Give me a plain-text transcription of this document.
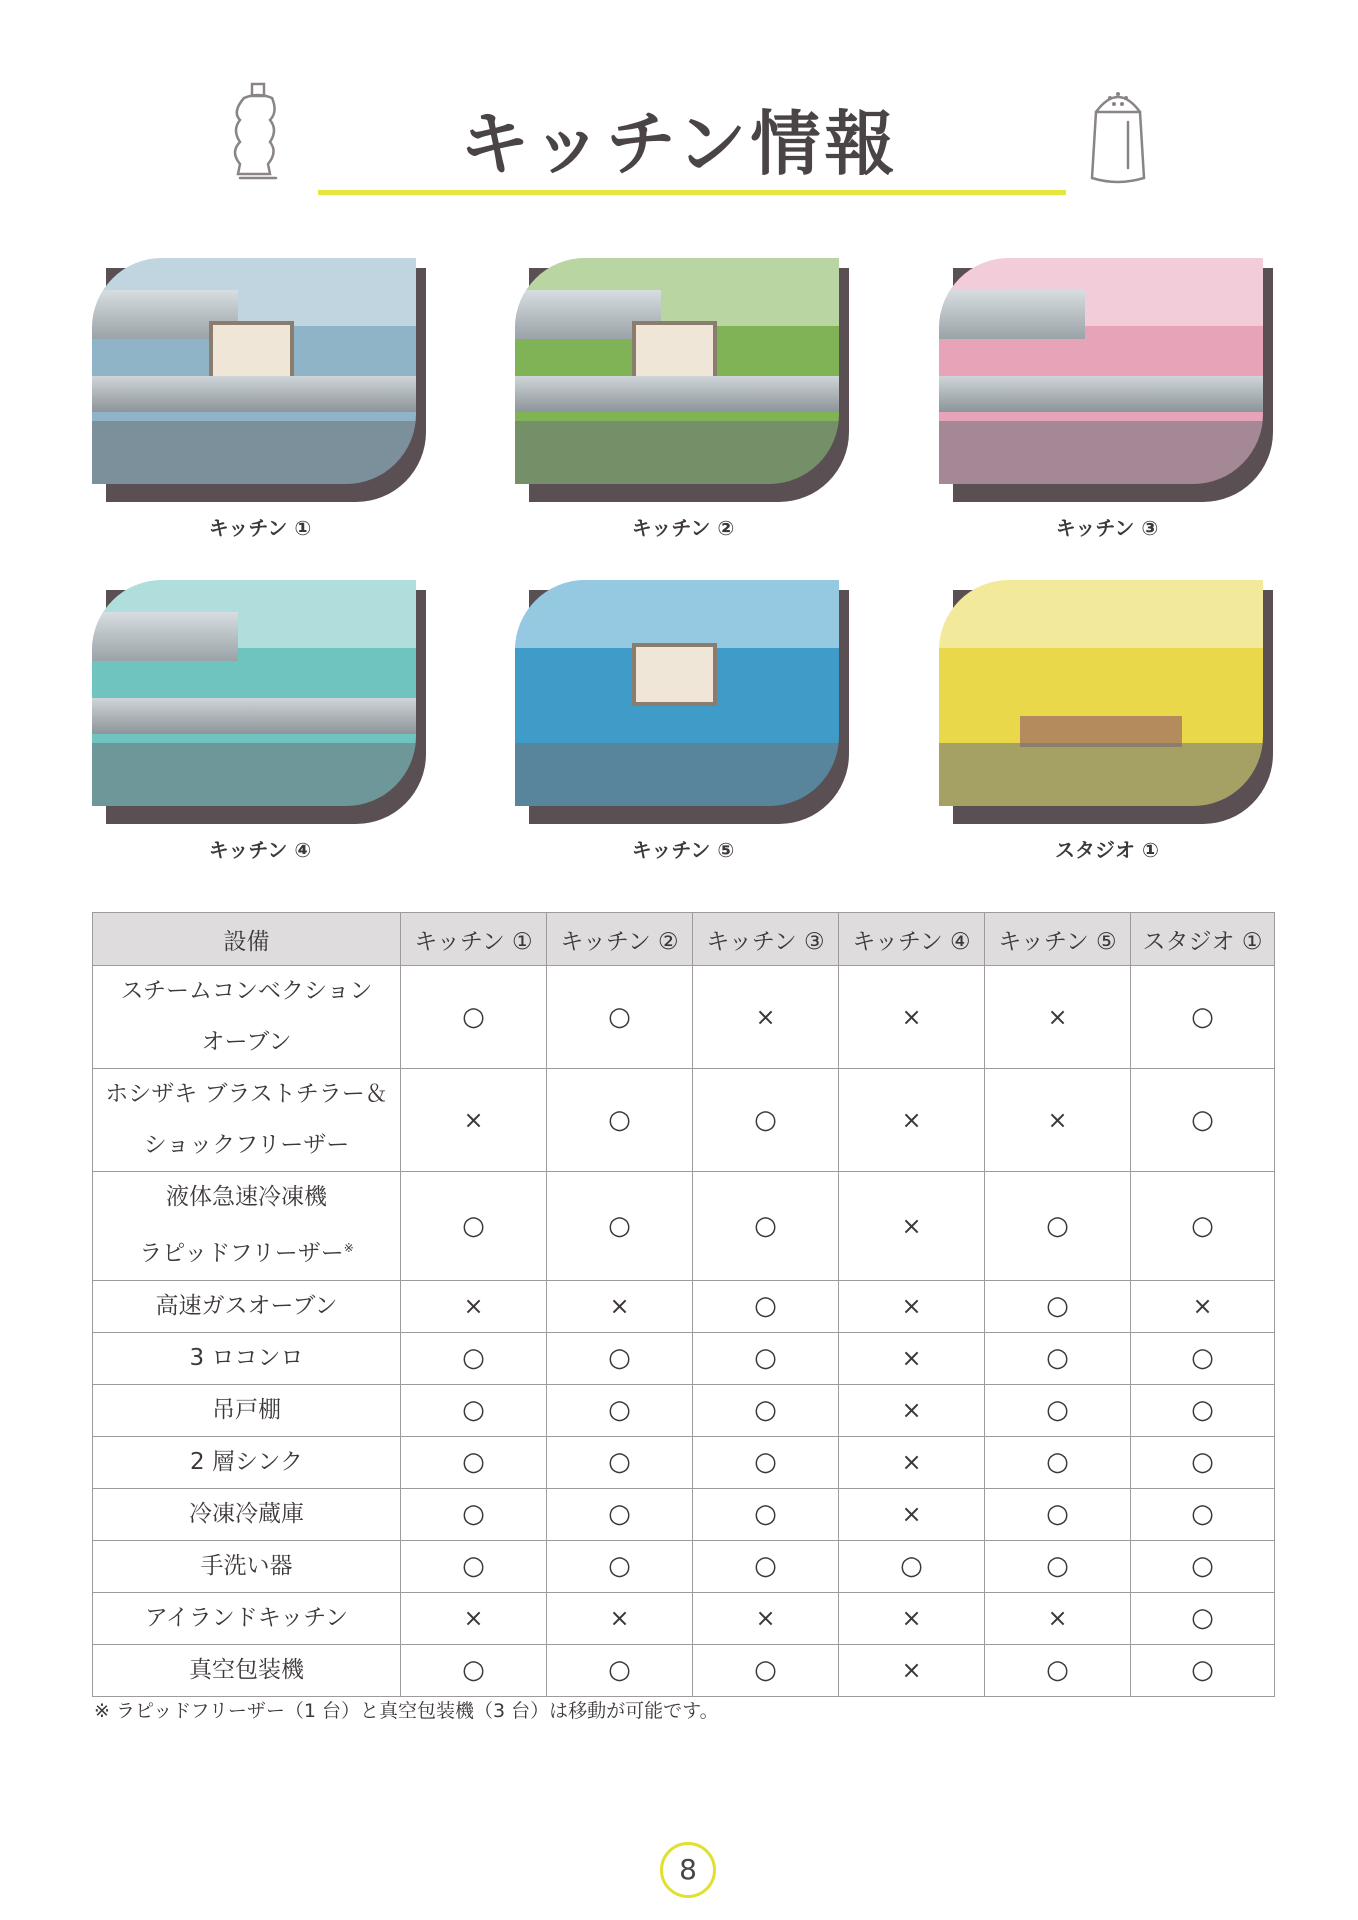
キッチン情報
キッチン ①	キッチン ②	キッチン ③
キッチン ④	キッチン ⑤	スタジオ ①
設備	キッチン ①	キッチン ②	キッチン ③	キッチン ④	キッチン ⑤	スタジオ ①

スチームコンベクション
オーブン	○	○	×	×	×	○

ホシザキ ブラストチラー＆
ショックフリーザー	×	○	○	×	×	○

液体急速冷凍機
ラピッドフリーザー※	○	○	○	×	○	○

高速ガスオーブン	×	×	○	×	○	×

3 ロコンロ	○	○	○	×	○	○

吊戸棚	○	○	○	×	○	○

2 層シンク	○	○	○	×	○	○

冷凍冷蔵庫	○	○	○	×	○	○

手洗い器	○	○	○	○	○	○

アイランドキッチン	×	×	×	×	×	○

真空包装機	○	○	○	×	○	○
※ ラピッドフリーザー（1 台）と真空包装機（3 台）は移動が可能です。
8
